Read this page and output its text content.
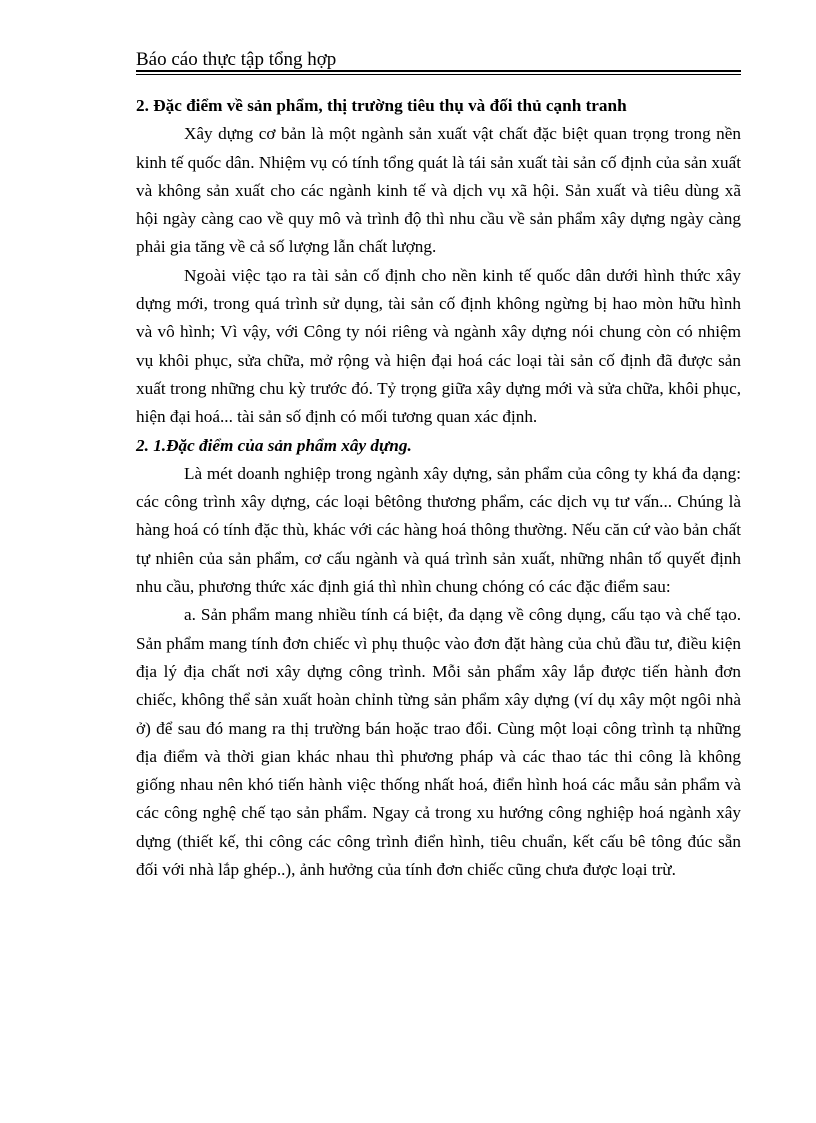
Báo cáo thực tập tổng hợp

2. Đặc điểm về sản phẩm, thị trường tiêu thụ và đối thủ cạnh tranh

Xây dựng cơ bản là một ngành sản xuất vật chất đặc biệt quan trọng trong nền kinh tế quốc dân. Nhiệm vụ có tính tổng quát là tái sản xuất tài sản cố định của sản xuất và không sản xuất cho các ngành kinh tế và dịch vụ xã hội. Sản xuất và tiêu dùng xã hội ngày càng cao về quy mô và trình độ thì nhu cầu về sản phẩm xây dựng ngày càng phải gia tăng về cả số lượng lẫn chất lượng.

Ngoài việc tạo ra tài sản cố định cho nền kinh tế quốc dân dưới hình thức xây dựng mới, trong quá trình sử dụng, tài sản cố định không ngừng bị hao mòn hữu hình và vô hình; Vì vậy, với Công ty nói riêng và ngành xây dựng nói chung còn có nhiệm vụ khôi phục, sửa chữa, mở rộng và hiện đại hoá các loại tài sản cố định đã được sản xuất trong những chu kỳ trước đó. Tỷ trọng giữa xây dựng mới và sửa chữa, khôi phục, hiện đại hoá... tài sản số định có mối tương quan xác định.

2. 1.Đặc điểm của sản phẩm xây dựng.

Là mét doanh nghiệp trong ngành xây dựng, sản phẩm của công ty khá đa dạng: các công trình xây dựng, các loại bêtông thương phẩm, các dịch vụ tư vấn... Chúng là hàng hoá có tính đặc thù, khác với các hàng hoá thông thường. Nếu căn cứ vào bản chất tự nhiên của sản phẩm, cơ cấu ngành và quá trình sản xuất, những nhân tố quyết định nhu cầu, phương thức xác định giá thì nhìn chung chóng có các đặc điểm sau:

a. Sản phẩm mang nhiều tính cá biệt, đa dạng về công dụng, cấu tạo và chế tạo. Sản phẩm mang tính đơn chiếc vì phụ thuộc vào đơn đặt hàng của chủ đầu tư, điều kiện địa lý địa chất nơi xây dựng công trình. Mỗi sản phẩm xây lắp được tiến hành đơn chiếc, không thể sản xuất hoàn chỉnh từng sản phẩm xây dựng (ví dụ xây một ngôi nhà ở) để sau đó mang ra thị trường bán hoặc trao đổi. Cùng một loại công trình tạ những địa điểm và thời gian khác nhau thì phương pháp và các thao tác thi công là không giống nhau nên khó tiến hành việc thống nhất hoá, điển hình hoá các mẫu sản phẩm và các công nghệ chế tạo sản phẩm. Ngay cả trong xu hướng công nghiệp hoá ngành xây dựng (thiết kế, thi công các công trình điển hình, tiêu chuẩn, kết cấu bê tông đúc sẵn đối với nhà lắp ghép..), ảnh hưởng của tính đơn chiếc cũng chưa được loại trừ.
